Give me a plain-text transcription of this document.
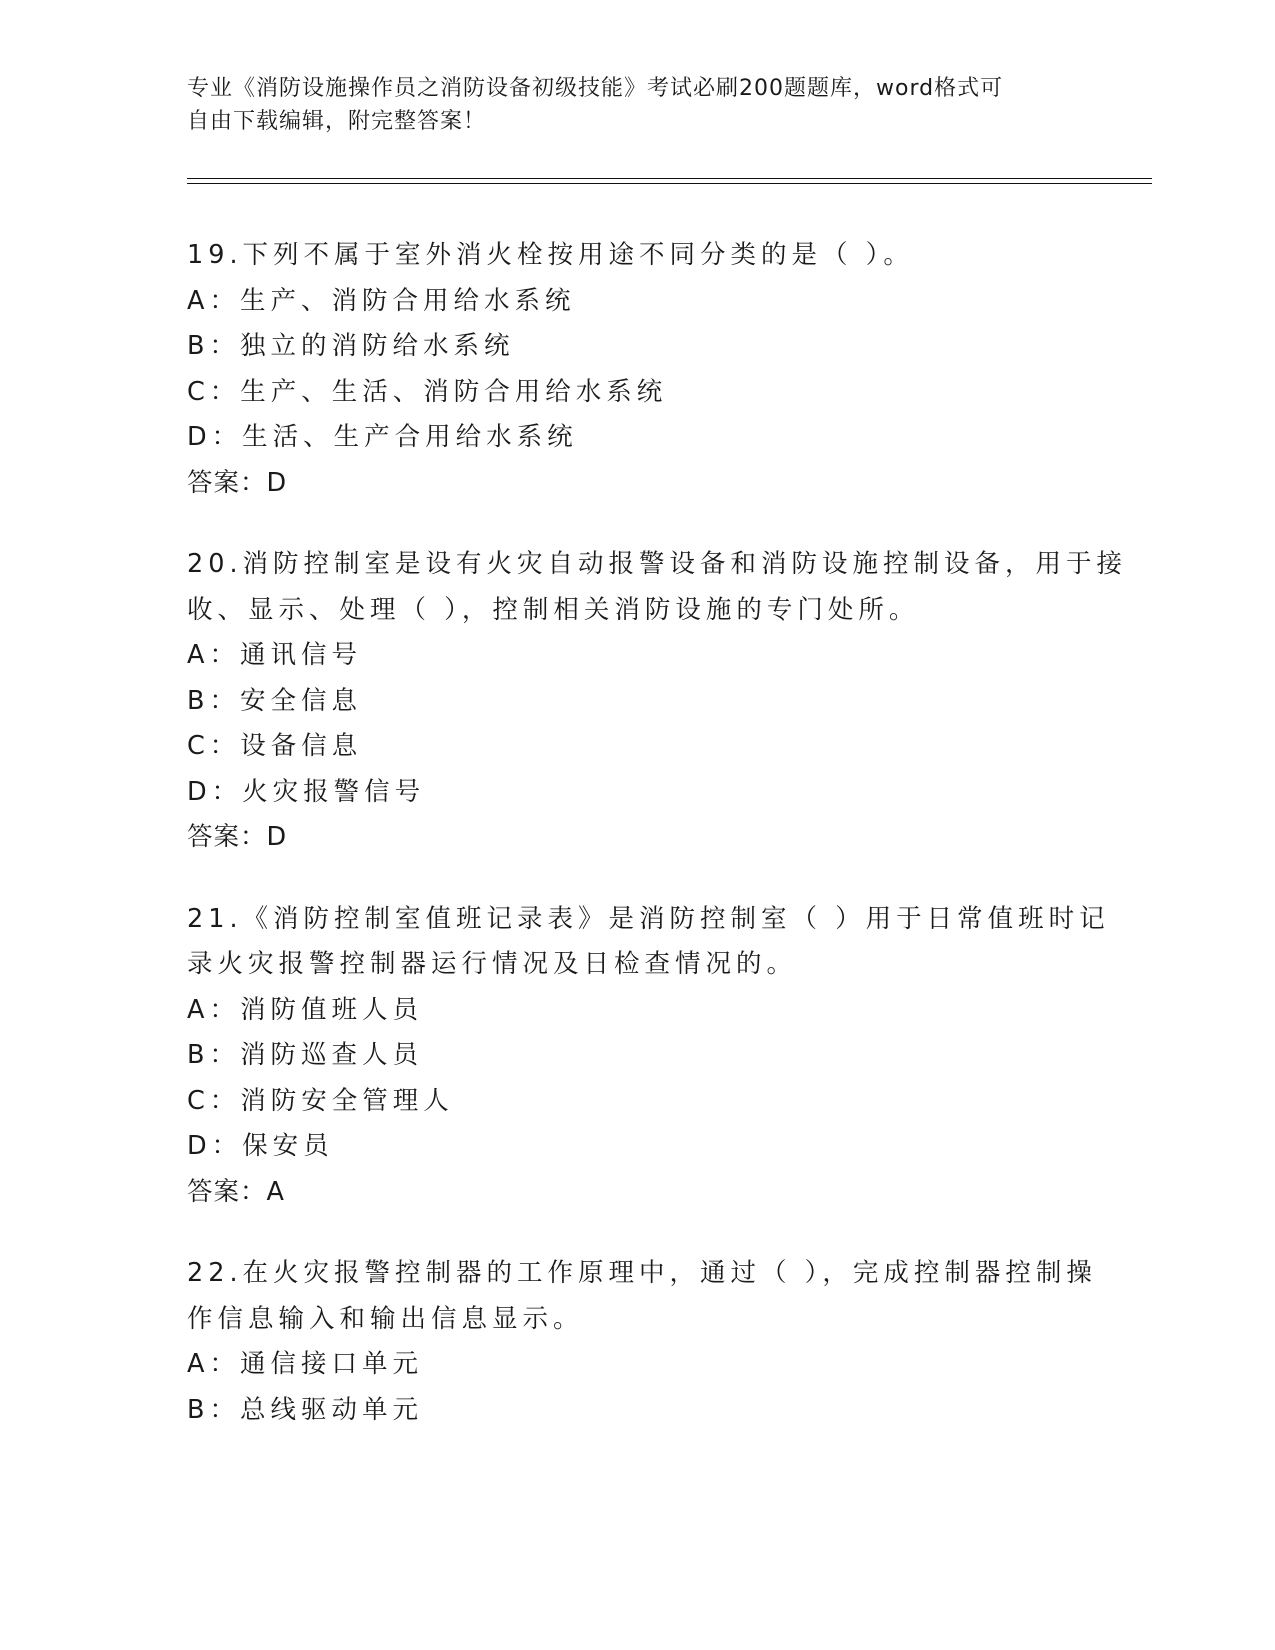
专业《消防设施操作员之消防设备初级技能》考试必刷200题题库，word格式可
自由下载编辑，附完整答案！
19.下列不属于室外消火栓按用途不同分类的是（ ）。
A：生产、消防合用给水系统
B：独立的消防给水系统
C：生产、生活、消防合用给水系统
D：生活、生产合用给水系统
答案：D
20.消防控制室是设有火灾自动报警设备和消防设施控制设备，用于接
收、显示、处理（ ），控制相关消防设施的专门处所。
A：通讯信号
B：安全信息
C：设备信息
D：火灾报警信号
答案：D
21.《消防控制室值班记录表》是消防控制室（ ）用于日常值班时记
录火灾报警控制器运行情况及日检查情况的。
A：消防值班人员
B：消防巡查人员
C：消防安全管理人
D：保安员
答案：A
22.在火灾报警控制器的工作原理中，通过（ ），完成控制器控制操
作信息输入和输出信息显示。
A：通信接口单元
B：总线驱动单元
